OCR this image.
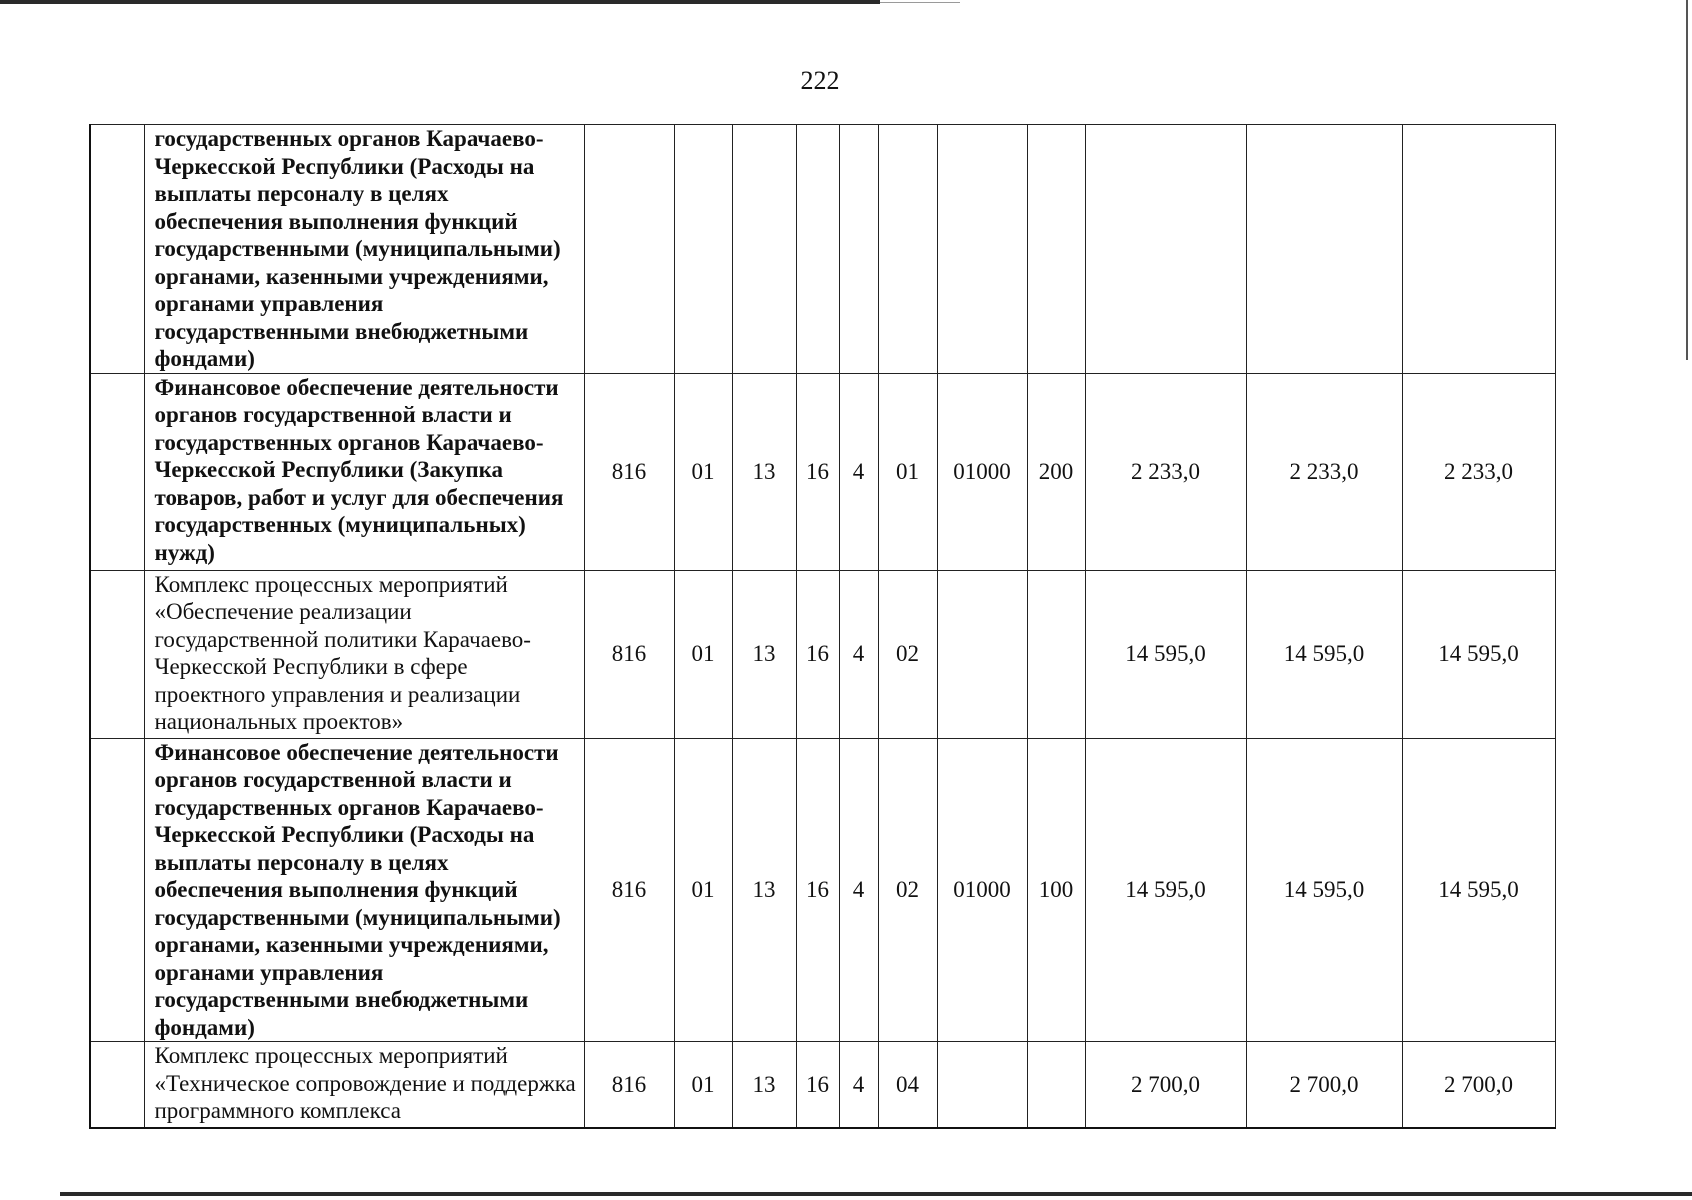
222
	государственных органов Карачаево-Черкесской Республики (Расходы на выплаты персоналу в целях обеспечения выполнения функций государственными (муниципальными) органами, казенными учреждениями, органами управления государственными внебюджетными фондами)											
	Финансовое обеспечение деятельности органов государственной власти и государственных органов Карачаево-Черкесской Республики (Закупка товаров, работ и услуг для обеспечения государственных (муниципальных) нужд)	816	01	13	16	4	01	01000	200	2 233,0	2 233,0	2 233,0
	Комплекс процессных мероприятий «Обеспечение реализации государственной политики Карачаево-Черкесской Республики в сфере проектного управления и реализации национальных проектов»	816	01	13	16	4	02			14 595,0	14 595,0	14 595,0
	Финансовое обеспечение деятельности органов государственной власти и государственных органов Карачаево-Черкесской Республики (Расходы на выплаты персоналу в целях обеспечения выполнения функций государственными (муниципальными) органами, казенными учреждениями, органами управления государственными внебюджетными фондами)	816	01	13	16	4	02	01000	100	14 595,0	14 595,0	14 595,0
	Комплекс процессных мероприятий «Техническое сопровождение и поддержка программного комплекса	816	01	13	16	4	04			2 700,0	2 700,0	2 700,0
